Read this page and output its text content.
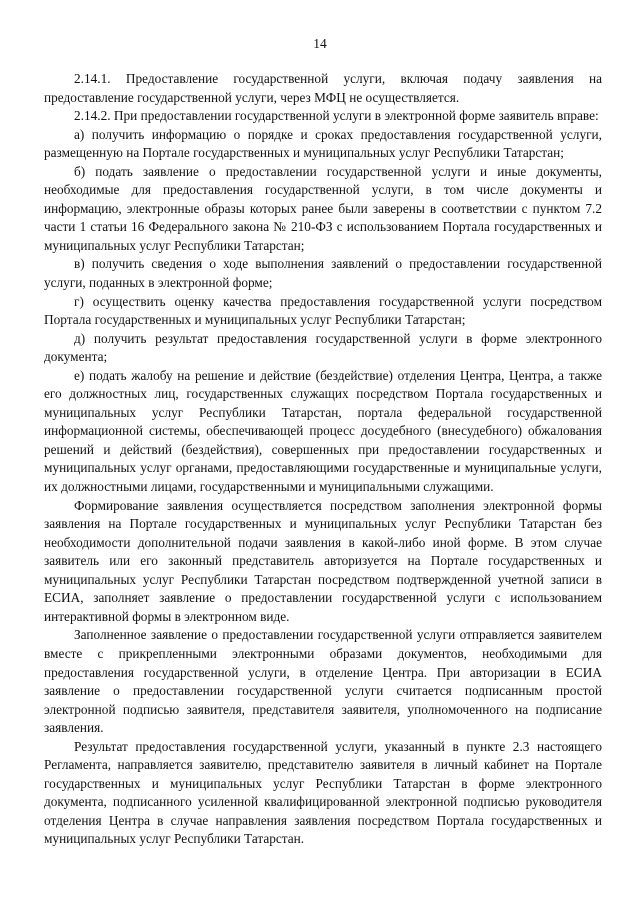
14

2.14.1. Предоставление государственной услуги, включая подачу заявления на предоставление государственной услуги, через МФЦ не осуществляется.

2.14.2. При предоставлении государственной услуги в электронной форме заявитель вправе:

а) получить информацию о порядке и сроках предоставления государственной услуги, размещенную на Портале государственных и муниципальных услуг Республики Татарстан;

б) подать заявление о предоставлении государственной услуги и иные документы, необходимые для предоставления государственной услуги, в том числе документы и информацию, электронные образы которых ранее были заверены в соответствии с пунктом 7.2 части 1 статьи 16 Федерального закона № 210-ФЗ с использованием Портала государственных и муниципальных услуг Республики Татарстан;

в) получить сведения о ходе выполнения заявлений о предоставлении государственной услуги, поданных в электронной форме;

г) осуществить оценку качества предоставления государственной услуги посредством Портала государственных и муниципальных услуг Республики Татарстан;

д) получить результат предоставления государственной услуги в форме электронного документа;

е) подать жалобу на решение и действие (бездействие) отделения Центра, Центра, а также его должностных лиц, государственных служащих посредством Портала государственных и муниципальных услуг Республики Татарстан, портала федеральной государственной информационной системы, обеспечивающей процесс досудебного (внесудебного) обжалования решений и действий (бездействия), совершенных при предоставлении государственных и муниципальных услуг органами, предоставляющими государственные и муниципальные услуги, их должностными лицами, государственными и муниципальными служащими.

Формирование заявления осуществляется посредством заполнения электронной формы заявления на Портале государственных и муниципальных услуг Республики Татарстан без необходимости дополнительной подачи заявления в какой-либо иной форме. В этом случае заявитель или его законный представитель авторизуется на Портале государственных и муниципальных услуг Республики Татарстан посредством подтвержденной учетной записи в ЕСИА, заполняет заявление о предоставлении государственной услуги с использованием интерактивной формы в электронном виде.

Заполненное заявление о предоставлении государственной услуги отправляется заявителем вместе с прикрепленными электронными образами документов, необходимыми для предоставления государственной услуги, в отделение Центра. При авторизации в ЕСИА заявление о предоставлении государственной услуги считается подписанным простой электронной подписью заявителя, представителя заявителя, уполномоченного на подписание заявления.

Результат предоставления государственной услуги, указанный в пункте 2.3 настоящего Регламента, направляется заявителю, представителю заявителя в личный кабинет на Портале государственных и муниципальных услуг Республики Татарстан в форме электронного документа, подписанного усиленной квалифицированной электронной подписью руководителя отделения Центра в случае направления заявления посредством Портала государственных и муниципальных услуг Республики Татарстан.
